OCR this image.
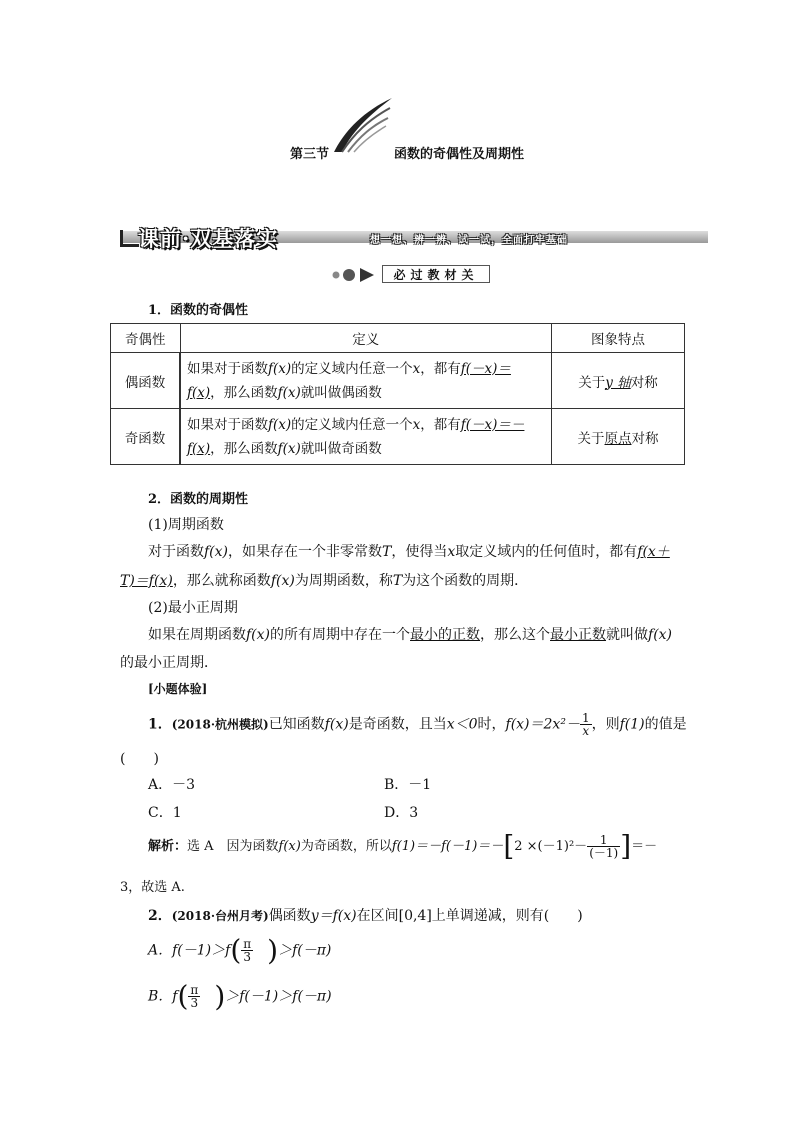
第三节	函数的奇偶性及周期性
课前·双基落实	想一想、辨一辨、试一试，全面打牢基础
必过教材关
1．函数的奇偶性
奇偶性	定义	图象特点
偶函数	如果对于函数f(x)的定义域内任意一个x，都有f(－x)＝
f(x)，那么函数f(x)就叫做偶函数	关于y 轴对称
奇函数	如果对于函数f(x)的定义域内任意一个x，都有f(－x)＝－
f(x)，那么函数f(x)就叫做奇函数	关于原点对称
2．函数的周期性
(1)周期函数
对于函数f(x)，如果存在一个非零常数T，使得当x取定义域内的任何值时，都有f(x＋
T)＝f(x)，那么就称函数f(x)为周期函数，称T为这个函数的周期．
(2)最小正周期
如果在周期函数f(x)的所有周期中存在一个最小的正数，那么这个最小正数就叫做f(x)
的最小正周期．
[小题体验]
1．(2018·杭州模拟)已知函数f(x)是奇函数，且当x＜0时，$f(x)=2x^2- \frac{1}{x}$ ，则f(1)的值是
(　　)
A．－3	B．－1
C．1	D．3
解析：选 A　因为函数f(x)为奇函数，所以$f(1)=-f(-1)=-[2 \times(-1)^2- \frac{1}{(-1)}$ ]＝－
3，故选 A.
2．(2018·台州月考)偶函数y＝f(x)在区间[0,4]上单调递减，则有(　　)
A．$f(-1)>f( \frac{\pi}{3} )>f(-\pi)$
B．$f( \frac{\pi}{3} )>f(-1)>f(-\pi)$
